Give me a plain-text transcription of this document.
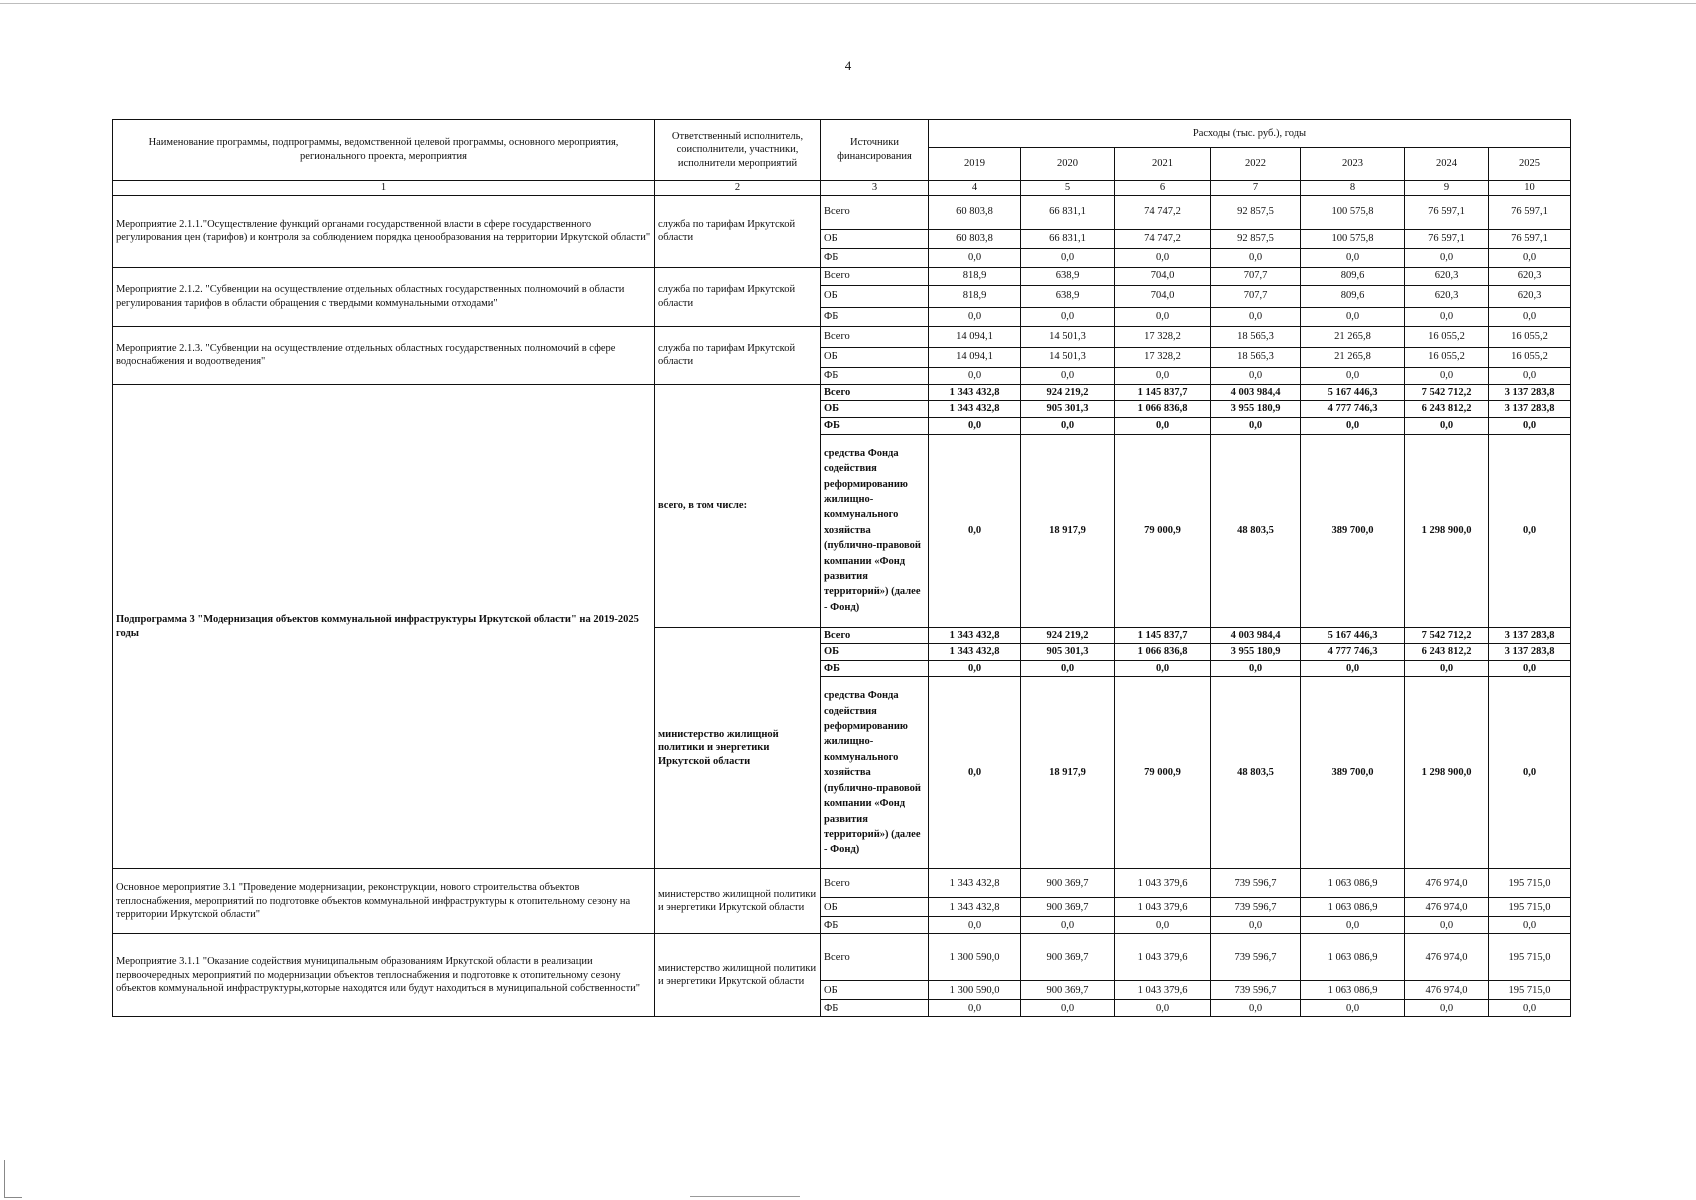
4
Наименование программы, подпрограммы, ведомственной целевой программы, основного мероприятия, регионального проекта, мероприятия	Ответственный исполнитель, соисполнители, участники, исполнители мероприятий	Источники финансирования	Расходы (тыс. руб.), годы						
			2019	2020	2021	2022	2023	2024	2025
1	2	3	4	5	6	7	8	9	10
Мероприятие 2.1.1."Осуществление функций органами государственной власти в сфере государственного регулирования цен (тарифов) и контроля за соблюдением порядка ценообразования на территории Иркутской области"	служба по тарифам Иркутской области	Всего	60 803,8	66 831,1	74 747,2	92 857,5	100 575,8	76 597,1	76 597,1
		ОБ	60 803,8	66 831,1	74 747,2	92 857,5	100 575,8	76 597,1	76 597,1
		ФБ	0,0	0,0	0,0	0,0	0,0	0,0	0,0
Мероприятие 2.1.2. "Субвенции на осуществление отдельных областных государственных полномочий в области регулирования тарифов в области обращения с твердыми коммунальными отходами"	служба по тарифам Иркутской области	Всего	818,9	638,9	704,0	707,7	809,6	620,3	620,3
		ОБ	818,9	638,9	704,0	707,7	809,6	620,3	620,3
		ФБ	0,0	0,0	0,0	0,0	0,0	0,0	0,0
Мероприятие 2.1.3. "Субвенции на осуществление отдельных областных государственных полномочий в сфере водоснабжения и водоотведения"	служба по тарифам Иркутской области	Всего	14 094,1	14 501,3	17 328,2	18 565,3	21 265,8	16 055,2	16 055,2
		ОБ	14 094,1	14 501,3	17 328,2	18 565,3	21 265,8	16 055,2	16 055,2
		ФБ	0,0	0,0	0,0	0,0	0,0	0,0	0,0
Подпрограмма 3 "Модернизация объектов коммунальной инфраструктуры Иркутской области" на 2019-2025 годы	всего, в том числе:	Всего	1 343 432,8	924 219,2	1 145 837,7	4 003 984,4	5 167 446,3	7 542 712,2	3 137 283,8
		ОБ	1 343 432,8	905 301,3	1 066 836,8	3 955 180,9	4 777 746,3	6 243 812,2	3 137 283,8
		ФБ	0,0	0,0	0,0	0,0	0,0	0,0	0,0
		средства Фонда содействия реформированию жилищно-коммунального хозяйства (публично-правовой компании «Фонд развития территорий») (далее - Фонд)	0,0	18 917,9	79 000,9	48 803,5	389 700,0	1 298 900,0	0,0
	министерство жилищной политики и энергетики Иркутской области	Всего	1 343 432,8	924 219,2	1 145 837,7	4 003 984,4	5 167 446,3	7 542 712,2	3 137 283,8
		ОБ	1 343 432,8	905 301,3	1 066 836,8	3 955 180,9	4 777 746,3	6 243 812,2	3 137 283,8
		ФБ	0,0	0,0	0,0	0,0	0,0	0,0	0,0
		средства Фонда содействия реформированию жилищно-коммунального хозяйства (публично-правовой компании «Фонд развития территорий») (далее - Фонд)	0,0	18 917,9	79 000,9	48 803,5	389 700,0	1 298 900,0	0,0
Основное мероприятие 3.1 "Проведение модернизации, реконструкции, нового строительства объектов теплоснабжения, мероприятий по подготовке объектов коммунальной инфраструктуры к отопительному сезону на территории Иркутской области"	министерство жилищной политики и энергетики Иркутской области	Всего	1 343 432,8	900 369,7	1 043 379,6	739 596,7	1 063 086,9	476 974,0	195 715,0
		ОБ	1 343 432,8	900 369,7	1 043 379,6	739 596,7	1 063 086,9	476 974,0	195 715,0
		ФБ	0,0	0,0	0,0	0,0	0,0	0,0	0,0
Мероприятие 3.1.1 "Оказание содействия муниципальным образованиям Иркутской области в реализации первоочередных мероприятий по модернизации объектов теплоснабжения и подготовке к отопительному сезону объектов коммунальной инфраструктуры,которые находятся или будут находиться в муниципальной собственности"	министерство жилищной политики и энергетики Иркутской области	Всего	1 300 590,0	900 369,7	1 043 379,6	739 596,7	1 063 086,9	476 974,0	195 715,0
		ОБ	1 300 590,0	900 369,7	1 043 379,6	739 596,7	1 063 086,9	476 974,0	195 715,0
		ФБ	0,0	0,0	0,0	0,0	0,0	0,0	0,0
